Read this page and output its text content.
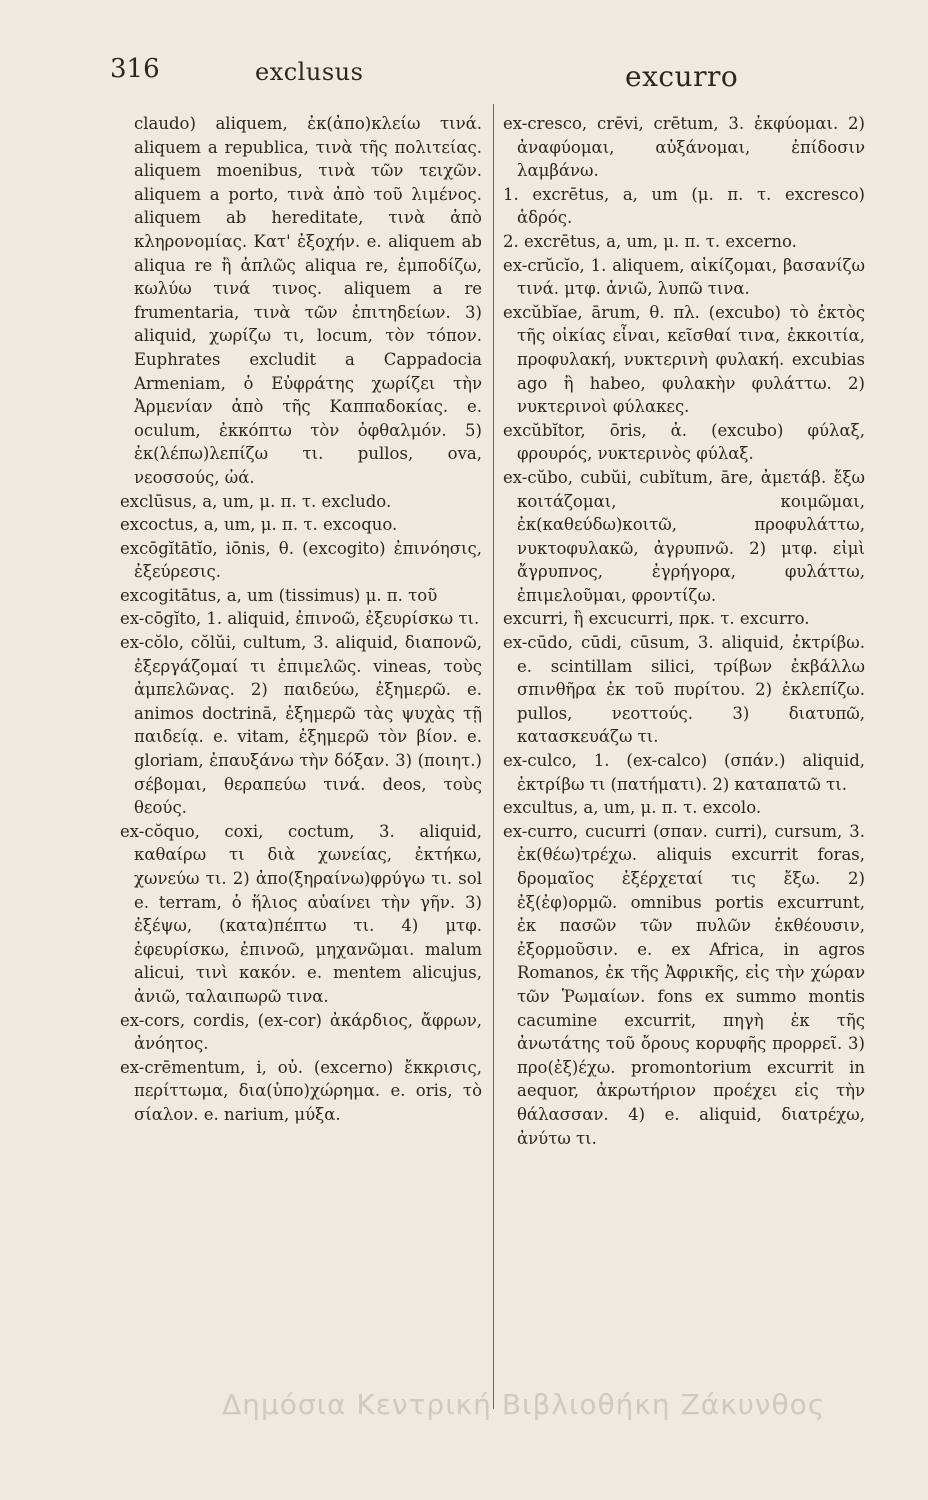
316	exclusus	excurro

claudo) aliquem, ἐκ(ἀπο)κλείω τινά. aliquem a republica, τινὰ τῆς πολιτείας. aliquem moenibus, τινὰ τῶν τειχῶν. aliquem a porto, τινὰ ἀπὸ τοῦ λιμένος. aliquem ab hereditate, τινὰ ἀπὸ κληρονομίας. Κατ' ἐξοχήν. e. aliquem ab aliqua re ἢ ἁπλῶς aliqua re, ἐμποδίζω, κωλύω τινά τινος. aliquem a re frumentaria, τινὰ τῶν ἐπιτηδείων. 3) aliquid, χωρίζω τι, locum, τὸν τόπον. Euphrates excludit a Cappadocia Armeniam, ὁ Εὐφράτης χωρίζει τὴν Ἀρμενίαν ἀπὸ τῆς Καππαδοκίας. e. oculum, ἐκκόπτω τὸν ὀφθαλμόν. 5) ἐκ(λέπω)λεπίζω τι. pullos, ova, νεοσσούς, ὠά.

exclūsus, a, um, μ. π. τ. excludo.

excoctus, a, um, μ. π. τ. excoquo.

excōgĭtātĭo, iōnis, θ. (excogito) ἐπινόησις, ἐξεύρεσις.

excogitātus, a, um (tissimus) μ. π. τοῦ

ex-cōgĭto, 1. aliquid, ἐπινοῶ, ἐξευρίσκω τι.

ex-cŏlo, cŏlŭi, cultum, 3. aliquid, διαπονῶ, ἐξεργάζομαί τι ἐπιμελῶς. vineas, τοὺς ἀμπελῶνας. 2) παιδεύω, ἐξημερῶ. e. animos doctrinā, ἐξημερῶ τὰς ψυχὰς τῇ παιδείᾳ. e. vitam, ἐξημερῶ τὸν βίον. e. gloriam, ἐπαυξάνω τὴν δόξαν. 3) (ποιητ.) σέβομαι, θεραπεύω τινά. deos, τοὺς θεούς.

ex-cŏquo, coxi, coctum, 3. aliquid, καθαίρω τι διὰ χωνείας, ἐκτήκω, χωνεύω τι. 2) ἀπο(ξηραίνω)φρύγω τι. sol e. terram, ὁ ἥλιος αὐαίνει τὴν γῆν. 3) ἐξέψω, (κατα)πέπτω τι. 4) μτφ. ἐφευρίσκω, ἐπινοῶ, μηχανῶμαι. malum alicui, τινὶ κακόν. e. mentem alicujus, ἀνιῶ, ταλαιπωρῶ τινα.

ex-cors, cordis, (ex-cor) ἀκάρδιος, ἄφρων, ἀνόητος.

ex-crēmentum, i, οὐ. (excerno) ἔκκρισις, περίττωμα, δια(ὑπο)χώρημα. e. oris, τὸ σίαλον. e. narium, μύξα.

ex-cresco, crēvi, crētum, 3. ἐκφύομαι. 2) ἀναφύομαι, αὐξάνομαι, ἐπίδοσιν λαμβάνω.

1. excrētus, a, um (μ. π. τ. excresco) ἁδρός.

2. excrētus, a, um, μ. π. τ. excerno.

ex-crŭcĭo, 1. aliquem, αἰκίζομαι, βασανίζω τινά. μτφ. ἀνιῶ, λυπῶ τινα.

excŭbĭae, ārum, θ. πλ. (excubo) τὸ ἐκτὸς τῆς οἰκίας εἶναι, κεῖσθαί τινα, ἐκκοιτία, προφυλακή, νυκτερινὴ φυλακή. excubias ago ἢ habeo, φυλακὴν φυλάττω. 2) νυκτερινοὶ φύλακες.

excŭbĭtor, ōris, ἀ. (excubo) φύλαξ, φρουρός, νυκτερινὸς φύλαξ.

ex-cŭbo, cubŭi, cubĭtum, āre, ἀμετάβ. ἔξω κοιτάζομαι, κοιμῶμαι, ἐκ(καθεύδω)κοιτῶ, προφυλάττω, νυκτοφυλακῶ, ἀγρυπνῶ. 2) μτφ. εἰμὶ ἄγρυπνος, ἐγρήγορα, φυλάττω, ἐπιμελοῦμαι, φροντίζω.

excurri, ἢ excucurri, πρκ. τ. excurro.

ex-cūdo, cūdi, cūsum, 3. aliquid, ἐκτρίβω. e. scintillam silici, τρίβων ἐκβάλλω σπινθῆρα ἐκ τοῦ πυρίτου. 2) ἐκλεπίζω. pullos, νεοττούς. 3) διατυπῶ, κατασκευάζω τι.

ex-culco, 1. (ex-calco) (σπάν.) aliquid, ἐκτρίβω τι (πατήματι). 2) καταπατῶ τι.

excultus, a, um, μ. π. τ. excolo.

ex-curro, cucurri (σπαν. curri), cursum, 3. ἐκ(θέω)τρέχω. aliquis excurrit foras, δρομαῖος ἐξέρχεταί τις ἔξω. 2) ἐξ(ἐφ)ορμῶ. omnibus portis excurrunt, ἐκ πασῶν τῶν πυλῶν ἐκθέουσιν, ἐξορμοῦσιν. e. ex Africa, in agros Romanos, ἐκ τῆς Ἀφρικῆς, εἰς τὴν χώραν τῶν Ῥωμαίων. fons ex summo montis cacumine excurrit, πηγὴ ἐκ τῆς ἀνωτάτης τοῦ ὄρους κορυφῆς προρρεῖ. 3) προ(ἐξ)έχω. promontorium excurrit in aequor, ἀκρωτήριον προέχει εἰς τὴν θάλασσαν. 4) e. aliquid, διατρέχω, ἀνύτω τι.

Δημόσια Κεντρική Βιβλιοθήκη Ζάκυνθος
